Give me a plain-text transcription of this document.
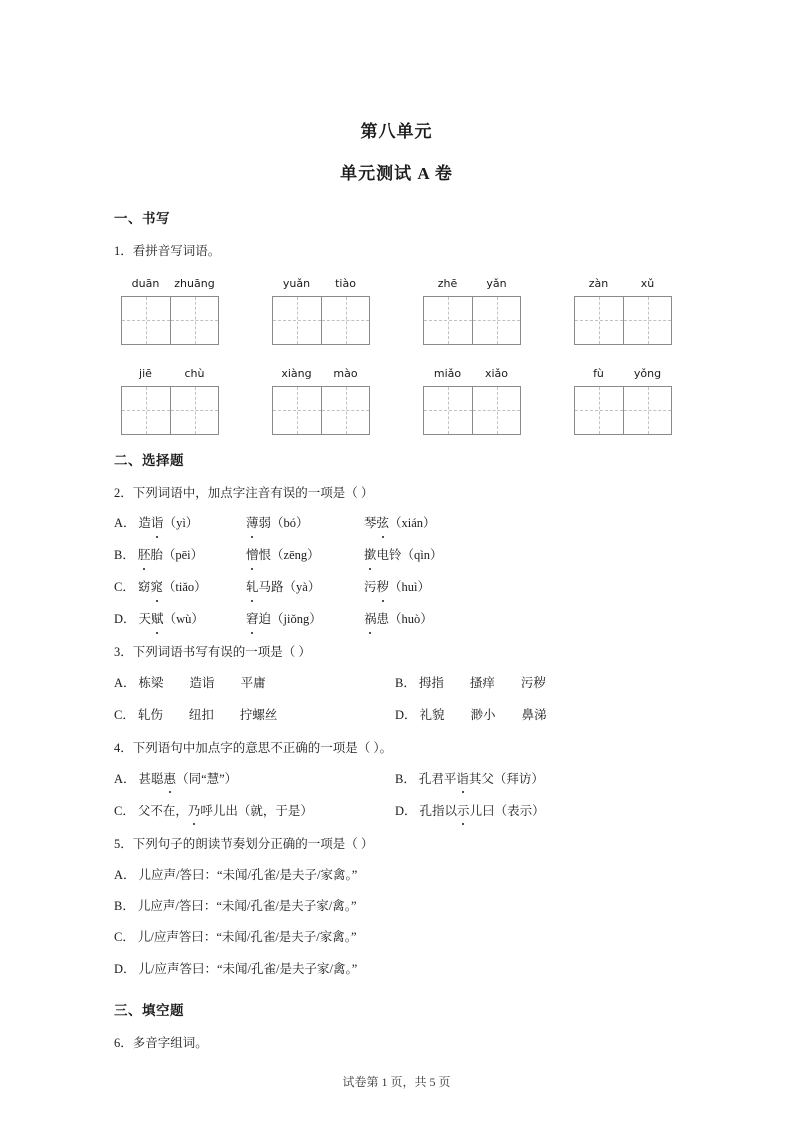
第八单元
单元测试 A 卷
一、书写
1．看拼音写词语。
duān	zhuāng	yuǎn	tiào	zhē	yǎn	zàn	xǔ
jiē	chù	xiàng	mào	miǎo	xiǎo	fù	yǒng
二、选择题
2．下列词语中，加点字注音有误的一项是（ ）
A． 造诣（yì）	薄弱（bó）	琴弦（xián）
B． 胚胎（pēi）	憎恨（zēng）	撳电铃（qìn）
C． 窈窕（tiǎo）	轧马路（yà）	污秽（huì）
D． 天赋（wù）	窘迫（jiǒng）	祸患（huò）
3．下列词语书写有误的一项是（ ）
A． 栋梁 造诣 平庸	B． 拇指 搔痒 污秽
C． 轧伤 纽扣 拧螺丝	D． 礼貌 渺小 鼻涕
4．下列语句中加点字的意思不正确的一项是（ ）。
A． 甚聪惠（同“慧”）	B． 孔君平诣其父（拜访）
C． 父不在，乃呼儿出（就，于是）	D． 孔指以示儿曰（表示）
5．下列句子的朗读节奏划分正确的一项是（ ）
A． 儿应声/答曰：“未闻/孔雀/是夫子/家禽。”
B． 儿应声/答曰：“未闻/孔雀/是夫子家/禽。”
C． 儿/应声答曰：“未闻/孔雀/是夫子/家禽。”
D． 儿/应声答曰：“未闻/孔雀/是夫子家/禽。”
三、填空题
6．多音字组词。
试卷第 1 页，共 5 页
